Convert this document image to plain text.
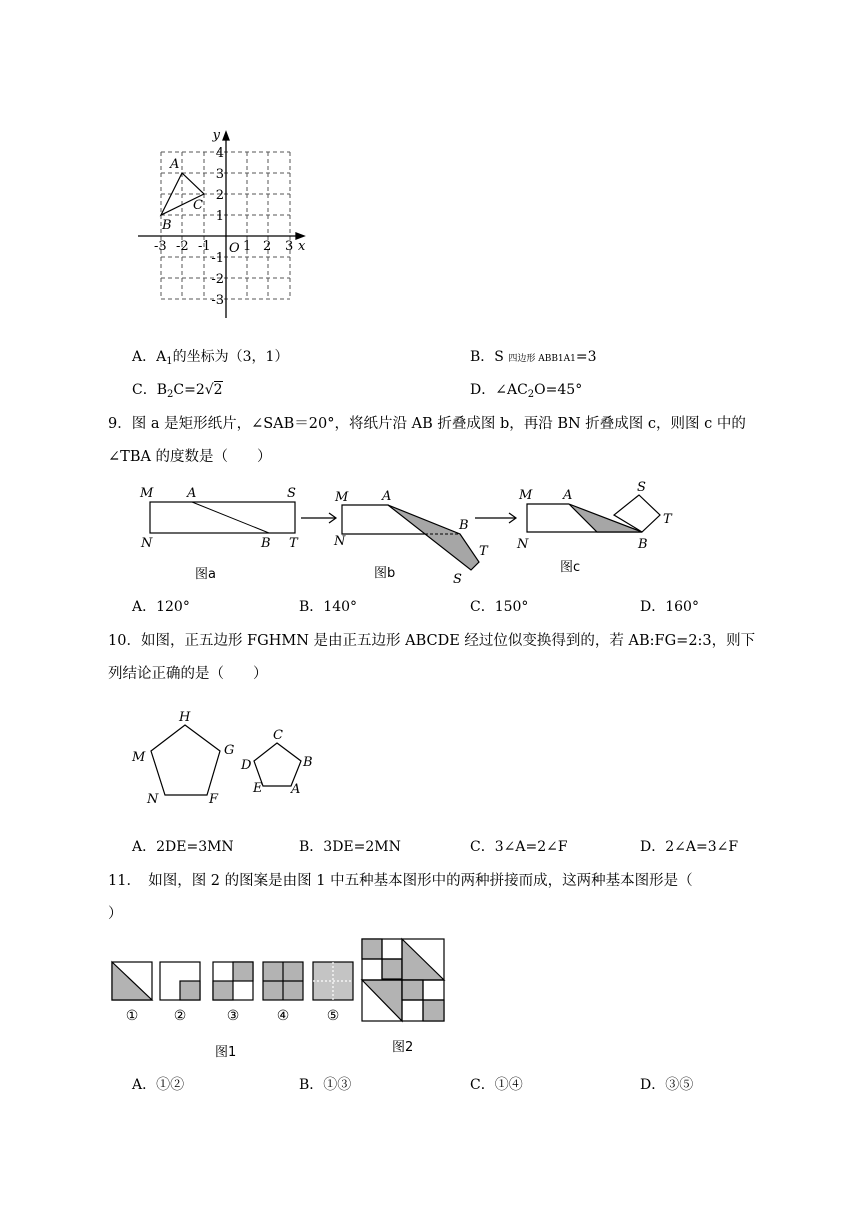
y
x
O
-3 -2 -1 1 2 3
4
3
2
1
-1
-2
-3
A
B
C
A．$A_1$的坐标为（3，1）	B．S 四边形 ABB1A1=3
C．$B_2C=2√2$	D．$\angle AC_2O=45^\circ$
9．图 a 是矩形纸片，∠SAB＝20°，将纸片沿 AB 折叠成图 b，再沿 BN 折叠成图 c，则图 c 中的
∠TBA 的度数是（　　）
M	A	S
N	B T
图a
M	A
B
N
T
S
图b
M A
S
T
N	B
图c
A．120°	B．140°	C．150°	D．160°
10．如图，正五边形 FGHMN 是由正五边形 ABCDE 经过位似变换得到的，若 AB:FG=2:3，则下
列结论正确的是（　　）
H
G
M
N	F
C
D	B
E A
A．2DE=3MN	B．3DE=2MN	C．3∠A=2∠F	D．2∠A=3∠F
11．　如图，图 2 的图案是由图 1 中五种基本图形中的两种拼接而成，这两种基本图形是（
）
①	②	③	④	⑤
图1	图2
A．①②	B．①③	C．①④	D．③⑤
